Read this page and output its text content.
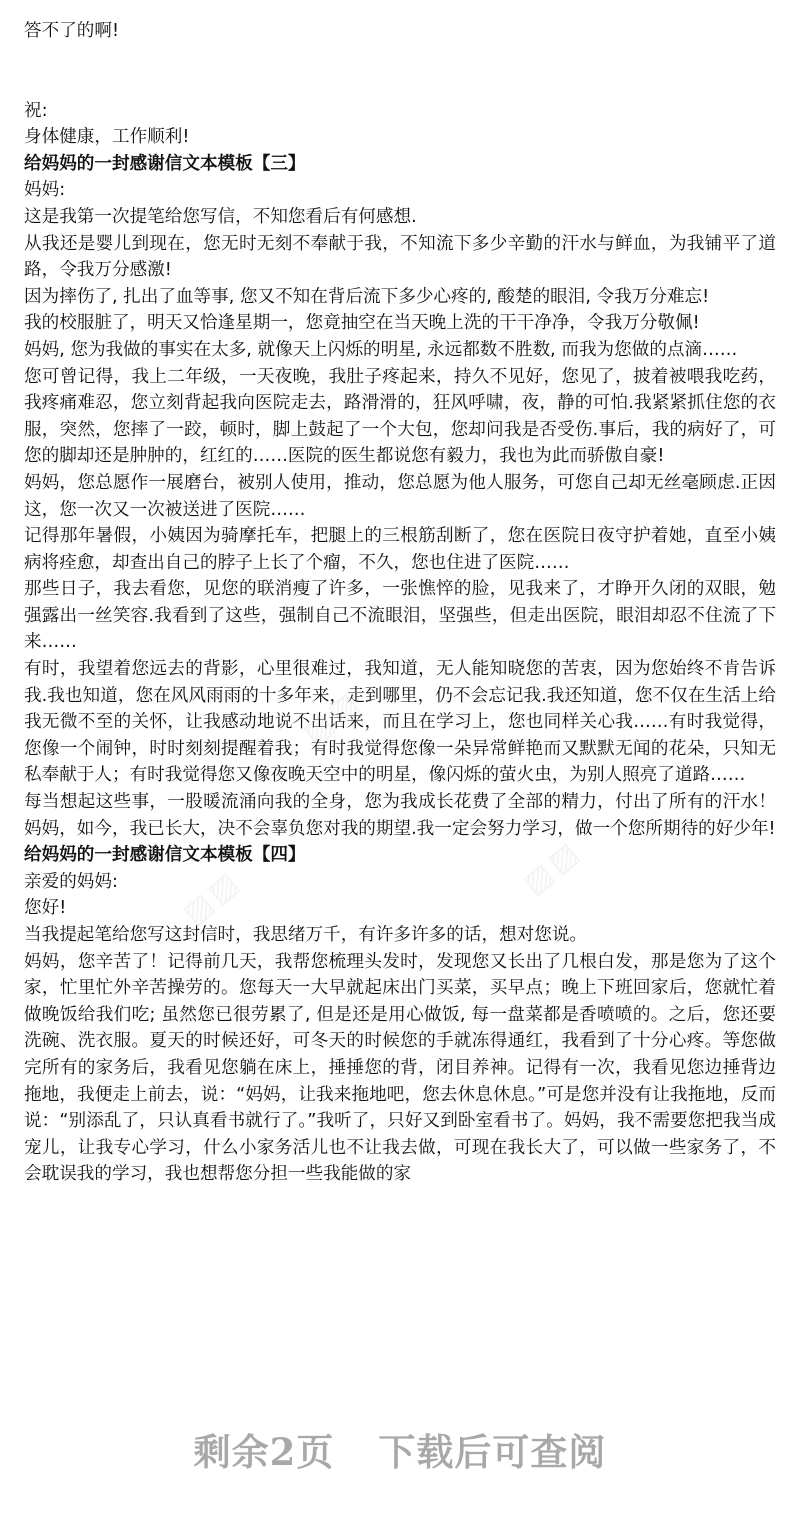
答不了的啊!

祝:

身体健康，工作顺利!

给妈妈的一封感谢信文本模板【三】

妈妈:

这是我第一次提笔给您写信，不知您看后有何感想.

从我还是婴儿到现在，您无时无刻不奉献于我，不知流下多少辛勤的汗水与鲜血，为我铺平了道路，令我万分感激!

因为摔伤了, 扎出了血等事, 您又不知在背后流下多少心疼的, 酸楚的眼泪, 令我万分难忘!

我的校服脏了，明天又恰逢星期一，您竟抽空在当天晚上洗的干干净净，令我万分敬佩!

妈妈, 您为我做的事实在太多, 就像天上闪烁的明星, 永远都数不胜数, 而我为您做的点滴……

您可曾记得，我上二年级，一天夜晚，我肚子疼起来，持久不见好，您见了，披着被喂我吃药，我疼痛难忍，您立刻背起我向医院走去，路滑滑的，狂风呼啸，夜，静的可怕.我紧紧抓住您的衣服，突然，您摔了一跤，顿时，脚上鼓起了一个大包，您却问我是否受伤.事后，我的病好了，可您的脚却还是肿肿的，红红的……医院的医生都说您有毅力，我也为此而骄傲自豪!

妈妈，您总愿作一展磨台，被别人使用，推动，您总愿为他人服务，可您自己却无丝毫顾虑.正因这，您一次又一次被送进了医院……

记得那年暑假，小姨因为骑摩托车，把腿上的三根筋刮断了，您在医院日夜守护着她，直至小姨病将痊愈，却查出自己的脖子上长了个瘤，不久，您也住进了医院……

那些日子，我去看您，见您的联消瘦了许多，一张憔悴的脸，见我来了，才睁开久闭的双眼，勉强露出一丝笑容.我看到了这些，强制自己不流眼泪，坚强些，但走出医院，眼泪却忍不住流了下来……

有时，我望着您远去的背影，心里很难过，我知道，无人能知晓您的苦衷，因为您始终不肯告诉我.我也知道，您在风风雨雨的十多年来，走到哪里，仍不会忘记我.我还知道，您不仅在生活上给我无微不至的关怀，让我感动地说不出话来，而且在学习上，您也同样关心我……有时我觉得，您像一个闹钟，时时刻刻提醒着我；有时我觉得您像一朵异常鲜艳而又默默无闻的花朵，只知无私奉献于人；有时我觉得您又像夜晚天空中的明星，像闪烁的萤火虫，为别人照亮了道路……

每当想起这些事，一股暖流涌向我的全身，您为我成长花费了全部的精力，付出了所有的汗水！妈妈，如今，我已长大，决不会辜负您对我的期望.我一定会努力学习，做一个您所期待的好少年!

给妈妈的一封感谢信文本模板【四】

亲爱的妈妈:

您好!

当我提起笔给您写这封信时，我思绪万千，有许多许多的话，想对您说。

妈妈，您辛苦了！记得前几天，我帮您梳理头发时，发现您又长出了几根白发，那是您为了这个家，忙里忙外辛苦操劳的。您每天一大早就起床出门买菜，买早点；晚上下班回家后，您就忙着做晚饭给我们吃; 虽然您已很劳累了, 但是还是用心做饭, 每一盘菜都是香喷喷的。之后，您还要洗碗、洗衣服。夏天的时候还好，可冬天的时候您的手就冻得通红，我看到了十分心疼。等您做完所有的家务后，我看见您躺在床上，捶捶您的背，闭目养神。记得有一次，我看见您边捶背边拖地，我便走上前去，说：“妈妈，让我来拖地吧，您去休息休息。”可是您并没有让我拖地，反而说：“别添乱了，只认真看书就行了。”我听了，只好又到卧室看书了。妈妈，我不需要您把我当成宠儿，让我专心学习，什么小家务活儿也不让我去做，可现在我长大了，可以做一些家务了，不会耽误我的学习，我也想帮您分担一些我能做的家

▨▨
▨▨
▨▨
剩余2页 下载后可查阅
